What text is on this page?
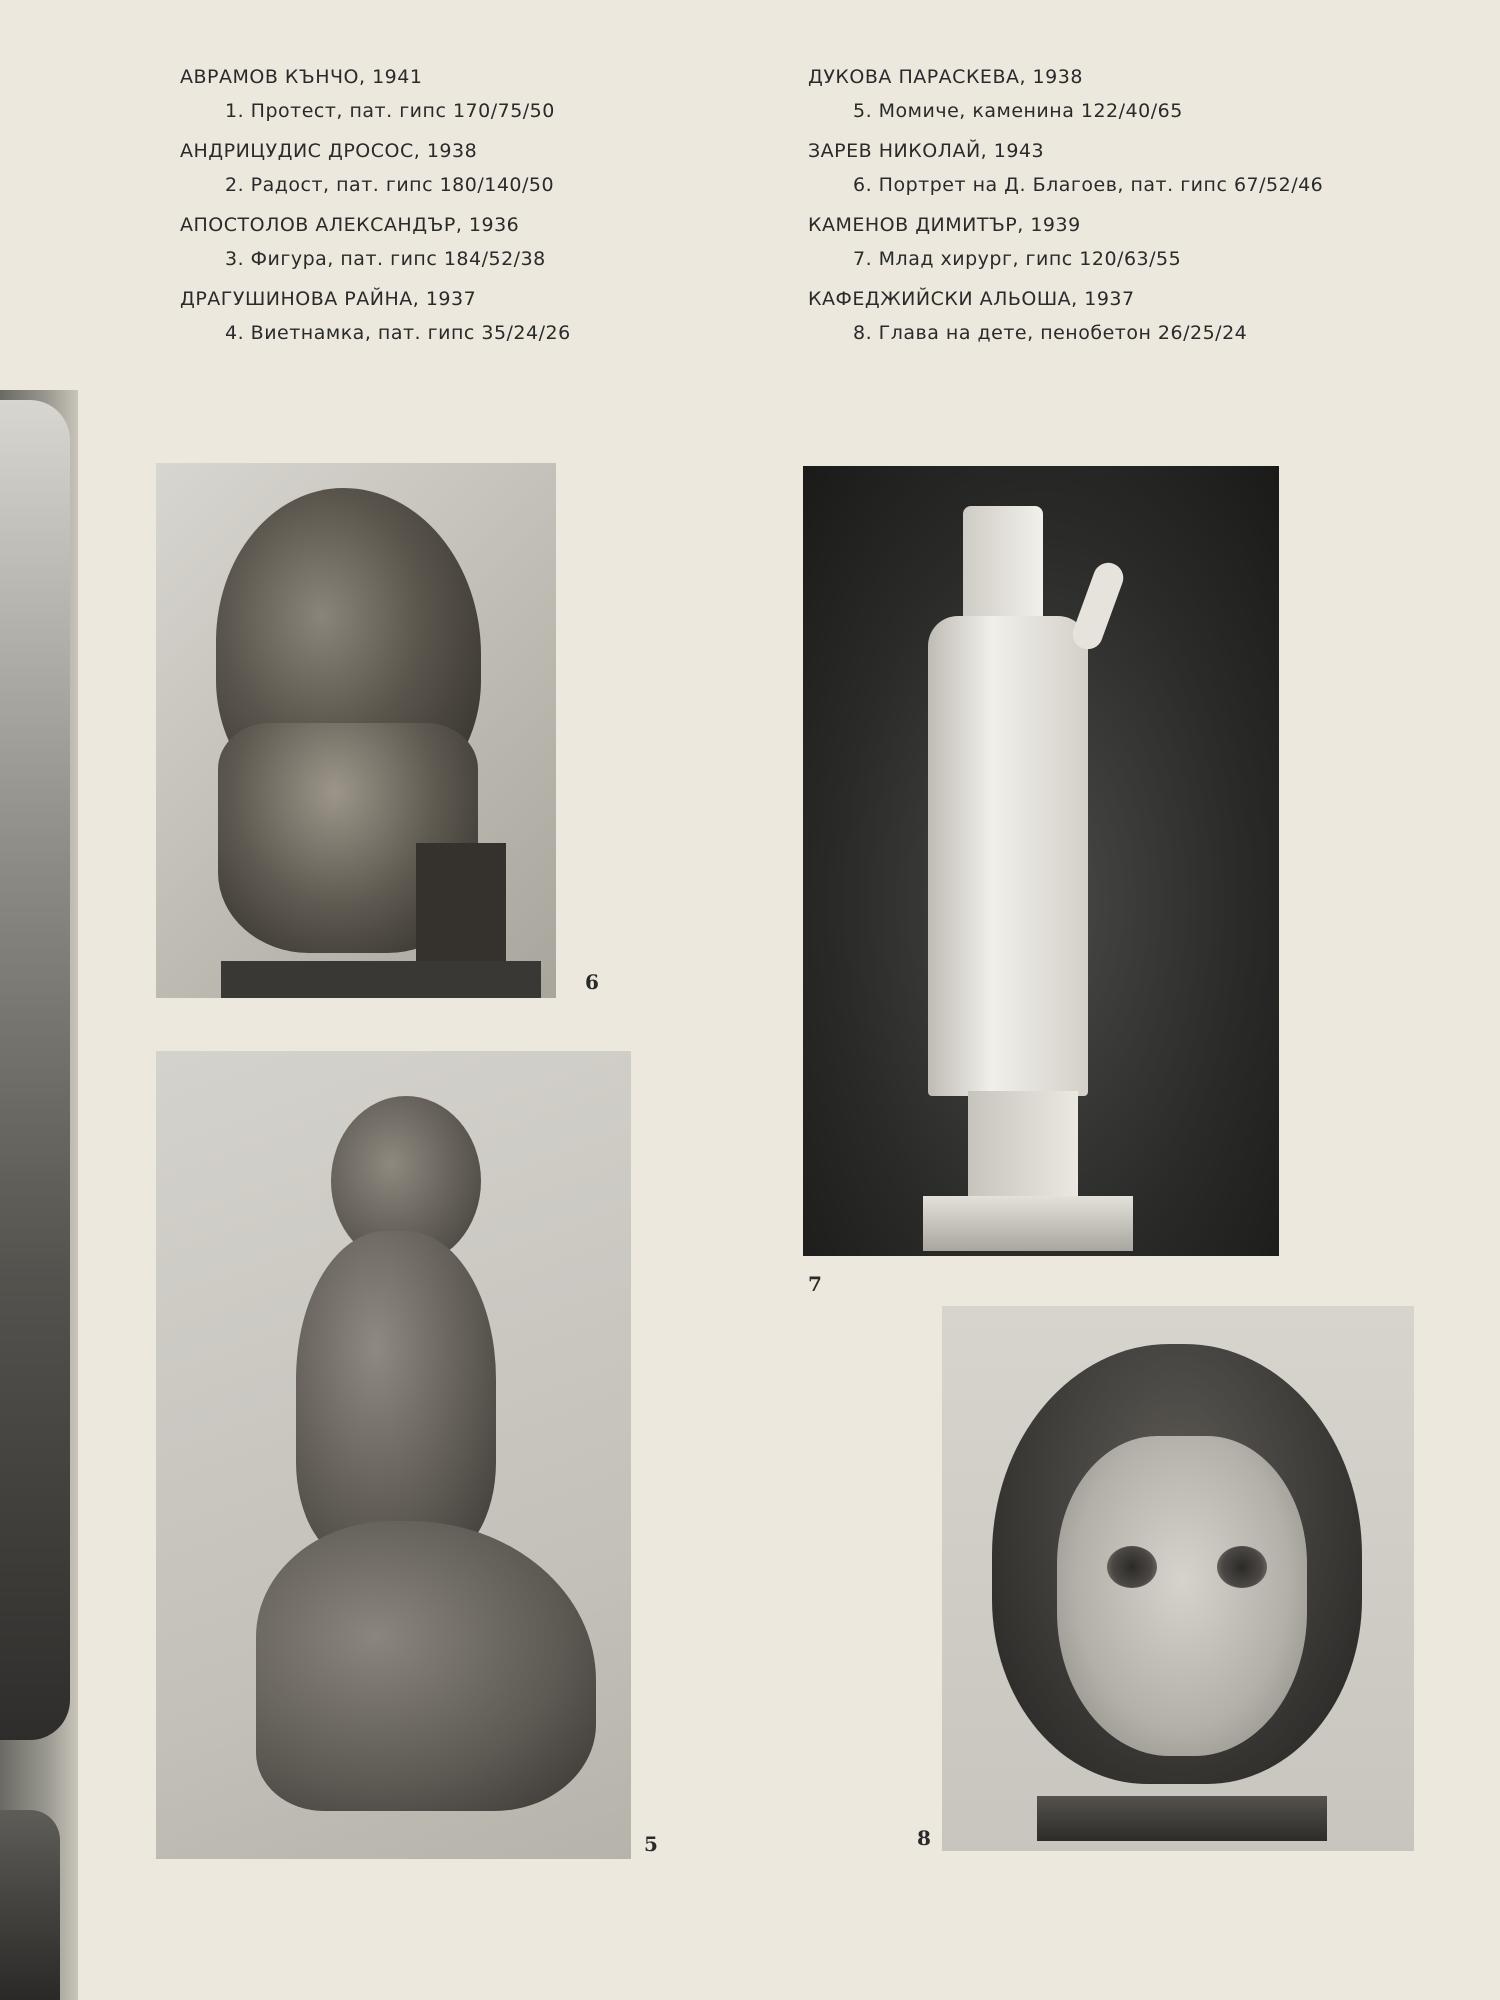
АВРАМОВ КЪНЧО, 1941
1. Протест, пат. гипс 170/75/50
АНДРИЦУДИС ДРОСОС, 1938
2. Радост, пат. гипс 180/140/50
АПОСТОЛОВ АЛЕКСАНДЪР, 1936
3. Фигура, пат. гипс 184/52/38
ДРАГУШИНОВА РАЙНА, 1937
4. Виетнамка, пат. гипс 35/24/26
ДУКОВА ПАРАСКЕВА, 1938
5. Момиче, каменина 122/40/65
ЗАРЕВ НИКОЛАЙ, 1943
6. Портрет на Д. Благоев, пат. гипс 67/52/46
КАМЕНОВ ДИМИТЪР, 1939
7. Млад хирург, гипс 120/63/55
КАФЕДЖИЙСКИ АЛЬОША, 1937
8. Глава на дете, пенобетон 26/25/24
6
7
5	8
